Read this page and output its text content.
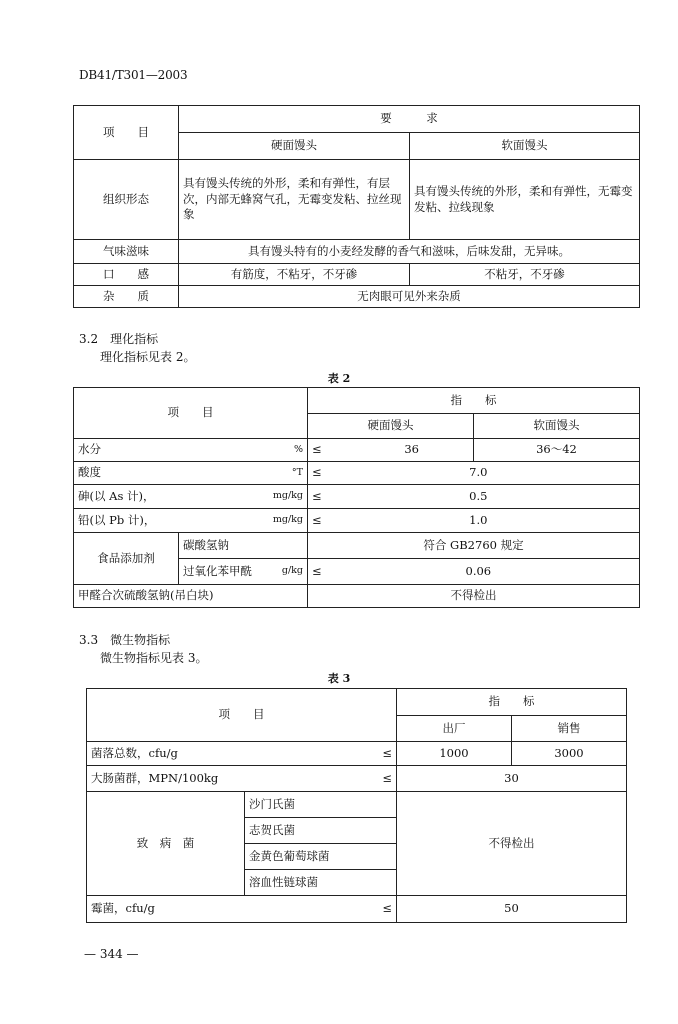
DB41/T301—2003
项　　目	要　　　求	
	硬面馒头	软面馒头
组织形态	具有馒头传统的外形，柔和有弹性，有层次，内部无蜂窝气孔，无霉变发粘、拉丝现象	具有馒头传统的外形，柔和有弹性，无霉变发粘、拉线现象
气味滋味	具有馒头特有的小麦经发酵的香气和滋味，后味发甜，无异味。	
口　　感	有筋度，不粘牙，不牙碜	不粘牙，不牙碜
杂　　质	无肉眼可见外来杂质	
3.2　理化指标
理化指标见表 2。
表 2
项　　目		指　　标	
		硬面馒头	软面馒头

水分 %		≤ 36	36～42

酸度 °T		≤ 7.0	

砷(以 As 计)， mg/kg		≤ 0.5	

铅(以 Pb 计)， mg/kg		≤ 1.0	

食品添加剂	碳酸氢钠	符合 GB2760 规定	

	过氧化苯甲酰 g/kg	≤ 0.06	

甲醛合次硫酸氢钠(吊白块)		不得检出	
3.3　微生物指标
微生物指标见表 3。
表 3
项　　目		指　　标	
		出厂	销售

菌落总数，cfu/g ≤		1000	3000

大肠菌群，MPN/100kg ≤		30	
致　病　菌	沙门氏菌	不得检出	
	志贺氏菌		
	金黄色葡萄球菌		
	溶血性链球菌		

霉菌，cfu/g ≤		50	
— 344 —
